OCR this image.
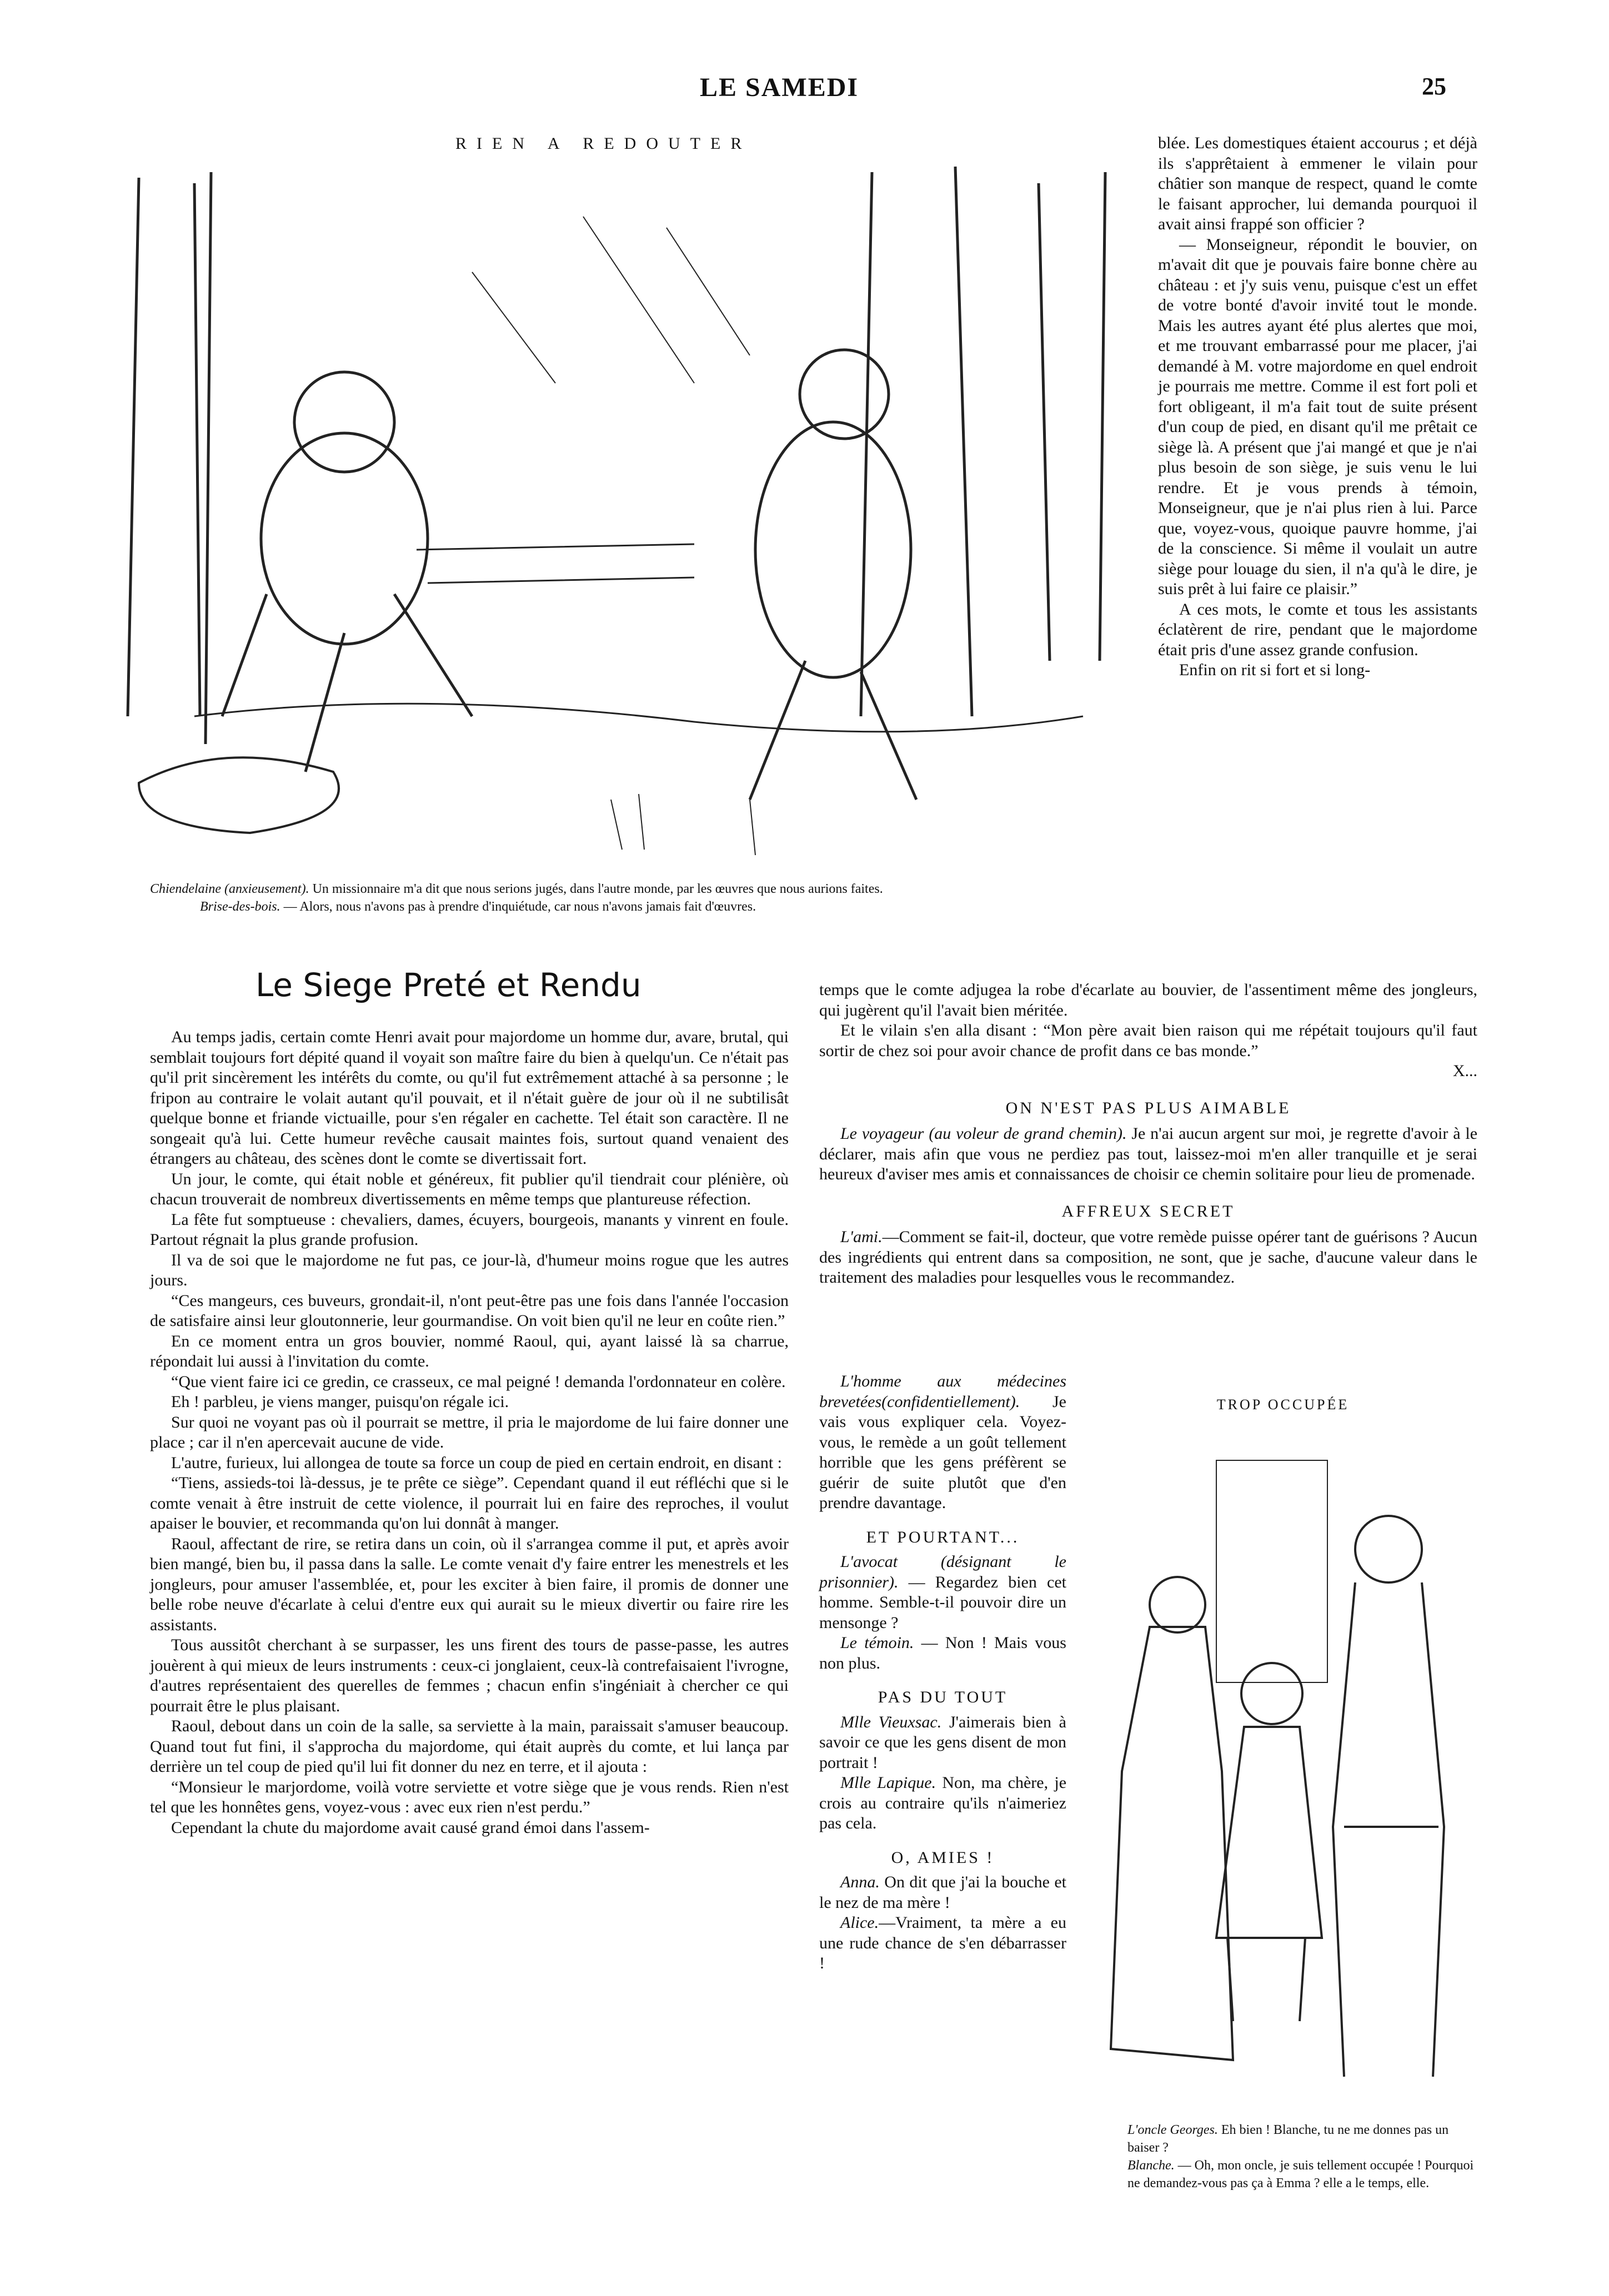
LE SAMEDI	25
RIEN A REDOUTER

Chiendelaine (anxieusement). Un missionnaire m'a dit que nous serions jugés, dans l'autre monde, par les œuvres que nous aurions faites.

Brise-des-bois. — Alors, nous n'avons pas à prendre d'inquiétude, car nous n'avons jamais fait d'œuvres.

blée. Les domestiques étaient accourus ; et déjà ils s'apprêtaient à emmener le vilain pour châtier son manque de respect, quand le comte le faisant approcher, lui demanda pourquoi il avait ainsi frappé son officier ?

— Monseigneur, répondit le bouvier, on m'avait dit que je pouvais faire bonne chère au château : et j'y suis venu, puisque c'est un effet de votre bonté d'avoir invité tout le monde. Mais les autres ayant été plus alertes que moi, et me trouvant embarrassé pour me placer, j'ai demandé à M. votre majordome en quel endroit je pourrais me mettre. Comme il est fort poli et fort obligeant, il m'a fait tout de suite présent d'un coup de pied, en disant qu'il me prêtait ce siège là. A présent que j'ai mangé et que je n'ai plus besoin de son siège, je suis venu le lui rendre. Et je vous prends à témoin, Monseigneur, que je n'ai plus rien à lui. Parce que, voyez-vous, quoique pauvre homme, j'ai de la conscience. Si même il voulait un autre siège pour louage du sien, il n'a qu'à le dire, je suis prêt à lui faire ce plaisir.”

A ces mots, le comte et tous les assistants éclatèrent de rire, pendant que le majordome était pris d'une assez grande confusion.

Enfin on rit si fort et si long-

Le Siege Preté et Rendu

Au temps jadis, certain comte Henri avait pour majordome un homme dur, avare, brutal, qui semblait toujours fort dépité quand il voyait son maître faire du bien à quelqu'un. Ce n'était pas qu'il prit sincèrement les intérêts du comte, ou qu'il fut extrêmement attaché à sa personne ; le fripon au contraire le volait autant qu'il pouvait, et il n'était guère de jour où il ne subtilisât quelque bonne et friande victuaille, pour s'en régaler en cachette. Tel était son caractère. Il ne songeait qu'à lui. Cette humeur revêche causait maintes fois, surtout quand venaient des étrangers au château, des scènes dont le comte se divertissait fort.

Un jour, le comte, qui était noble et généreux, fit publier qu'il tiendrait cour plénière, où chacun trouverait de nombreux divertissements en même temps que plantureuse réfection.

La fête fut somptueuse : chevaliers, dames, écuyers, bourgeois, manants y vinrent en foule. Partout régnait la plus grande profusion.

Il va de soi que le majordome ne fut pas, ce jour-là, d'humeur moins rogue que les autres jours.

“Ces mangeurs, ces buveurs, grondait-il, n'ont peut-être pas une fois dans l'année l'occasion de satisfaire ainsi leur gloutonnerie, leur gourmandise. On voit bien qu'il ne leur en coûte rien.”

En ce moment entra un gros bouvier, nommé Raoul, qui, ayant laissé là sa charrue, répondait lui aussi à l'invitation du comte.

“Que vient faire ici ce gredin, ce crasseux, ce mal peigné ! demanda l'ordonnateur en colère.

Eh ! parbleu, je viens manger, puisqu'on régale ici.

Sur quoi ne voyant pas où il pourrait se mettre, il pria le majordome de lui faire donner une place ; car il n'en apercevait aucune de vide.

L'autre, furieux, lui allongea de toute sa force un coup de pied en certain endroit, en disant :

“Tiens, assieds-toi là-dessus, je te prête ce siège”. Cependant quand il eut réfléchi que si le comte venait à être instruit de cette violence, il pourrait lui en faire des reproches, il voulut apaiser le bouvier, et recommanda qu'on lui donnât à manger.

Raoul, affectant de rire, se retira dans un coin, où il s'arrangea comme il put, et après avoir bien mangé, bien bu, il passa dans la salle. Le comte venait d'y faire entrer les menestrels et les jongleurs, pour amuser l'assemblée, et, pour les exciter à bien faire, il promis de donner une belle robe neuve d'écarlate à celui d'entre eux qui aurait su le mieux divertir ou faire rire les assistants.

Tous aussitôt cherchant à se surpasser, les uns firent des tours de passe-passe, les autres jouèrent à qui mieux de leurs instruments : ceux-ci jonglaient, ceux-là contrefaisaient l'ivrogne, d'autres représentaient des querelles de femmes ; chacun enfin s'ingéniait à chercher ce qui pourrait être le plus plaisant.

Raoul, debout dans un coin de la salle, sa serviette à la main, paraissait s'amuser beaucoup. Quand tout fut fini, il s'approcha du majordome, qui était auprès du comte, et lui lança par derrière un tel coup de pied qu'il lui fit donner du nez en terre, et il ajouta :

“Monsieur le marjordome, voilà votre serviette et votre siège que je vous rends. Rien n'est tel que les honnêtes gens, voyez-vous : avec eux rien n'est perdu.”

Cependant la chute du majordome avait causé grand émoi dans l'assem-

temps que le comte adjugea la robe d'écarlate au bouvier, de l'assentiment même des jongleurs, qui jugèrent qu'il l'avait bien méritée.

Et le vilain s'en alla disant : “Mon père avait bien raison qui me répétait toujours qu'il faut sortir de chez soi pour avoir chance de profit dans ce bas monde.”

X...

ON N'EST PAS PLUS AIMABLE

Le voyageur (au voleur de grand chemin). Je n'ai aucun argent sur moi, je regrette d'avoir à le déclarer, mais afin que vous ne perdiez pas tout, laissez-moi m'en aller tranquille et je serai heureux d'aviser mes amis et connaissances de choisir ce chemin solitaire pour lieu de promenade.

AFFREUX SECRET

L'ami.—Comment se fait-il, docteur, que votre remède puisse opérer tant de guérisons ? Aucun des ingrédients qui entrent dans sa composition, ne sont, que je sache, d'aucune valeur dans le traitement des maladies pour lesquelles vous le recommandez.

L'homme aux médecines brevetées(confidentiellement). Je vais vous expliquer cela. Voyez-vous, le remède a un goût tellement horrible que les gens préfèrent se guérir de suite plutôt que d'en prendre davantage.

ET POURTANT...

L'avocat (désignant le prisonnier). — Regardez bien cet homme. Semble-t-il pouvoir dire un mensonge ?

Le témoin. — Non ! Mais vous non plus.

PAS DU TOUT

Mlle Vieuxsac. J'aimerais bien à savoir ce que les gens disent de mon portrait !

Mlle Lapique. Non, ma chère, je crois au contraire qu'ils n'aimeriez pas cela.

O, AMIES !

Anna. On dit que j'ai la bouche et le nez de ma mère !

Alice.—Vraiment, ta mère a eu une rude chance de s'en débarrasser !

TROP OCCUPÉE

L'oncle Georges. Eh bien ! Blanche, tu ne me donnes pas un baiser ?

Blanche. — Oh, mon oncle, je suis tellement occupée ! Pourquoi ne demandez-vous pas ça à Emma ? elle a le temps, elle.
